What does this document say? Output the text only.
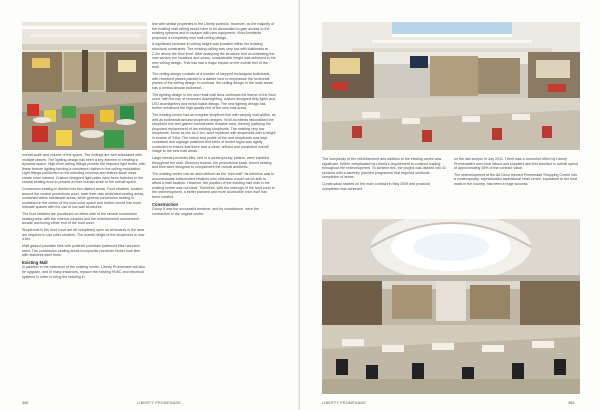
overall scale and volume of the space. The ceilings are well articulated with multiple planes. The lighting design has been a key element in creating a dynamic space. High level ceiling fittings provide the required light levels, with linear feature lighting forming a consistent rhythm to the ceiling modulation. Light fittings positioned on the standing columns and feature kiosk mezz create more interest. Custom designed light poles have been included in the central seating area to provide a more human scale to the overall space.

Concession seating is divided into two distinct areas. Food retailers, located around the central promotions court, have their own dedicated seating areas, contained within balustrade areas, while general concession seating is contained in the centre of the food court space and further zoned into more intimate spaces with the use of low wall structures.

The food retailers are positioned on either side of the central concession seating area, with the cinema complex and the entertainment amusement arcade anchoring either end of the food court.

Shopfronts in the food court are all completely open as all tenants in the area are required to use roller shutters. The overall height of the shopfronts is now 4.6m.

Matt glazed porcelain tiles with polished porcelain patterned tiles has been used. The concession seating areas incorporate porcelain timber look tiles with stainless steel trims.

Existing Mall

In addition to the extension of the existing centre, Liberty Promenade will also be upgrade, and in many instances, replace the existing HVAC and electrical systems in order to bring the building in

line with similar properties in the Liberty portfolio. However, as the majority of the existing mall ceiling would have to be dismantled to gain access to the existing systems and to replace with new equipment, Vivid Architects proposed a completely new mall ceiling design.

A significant increase in ceiling height was possible within the existing structural constraints. The existing ceiling was very low with bulkheads at 2.4m above the floor level. After analysing the structure and co-ordinating the new service run locations and zones, considerable height was achieved in the new ceiling design. This has had a major impact on the overall feel of the mall.

The ceiling design consists of a number of stepped rectangular bulkheads, with recessed planes painted in a darker tone to emphasise the horizontal planes of the ceiling design. In contrast, the ceiling design in the node areas has a central circular bulkhead.

The lighting design in the new retail mall area continues the theme of the food court, with the use of recessed downlighting, custom designed strip lights and LED downlighters and metal halide fittings. The new lighting design has further enhanced the high quality feel of the new mall areas.

The existing centre had an irregular shopfront line with varying mall widths, as well as bulkheads around shopfront designs. Vivid Architects rationalised the shopfront line and gained considerable rentable area, thereby justifying the proposed replacement of the existing shopfronts. The existing very low shopfronts, some as low as 3.2m, were replaced with shopfronts with a height in excess of 3.6m. The colour and profile of the new shopfronts was kept consistent and signage positions and sizes of tenant signs was rigidly controlled to ensure that there was a clean, refined and consistent overall image to the new mall areas.

Large format porcelain tiles, laid in a contemporary pattern, were installed throughout the mall. Directory boards, the promotional kiosk, bench seating and bins were designed to complement the overall aesthetic.

The existing centre had an area defined as the 'mini mall'; its intention was to accommodate independent retailers who otherwise would not be able to afford a mall location. However, the position of the existing mini mall in the existing centre was not ideal. Therefore, with the redesign of the food court in the redevelopment, a better planned and more accessible 'mini mall' has been created.

Construction

Group 5 was the successful tenderer, and by coincidence, were the contractors of the original centre.

368	LIBERTY PROMENADE

The complexity of the refurbishment and addition to the existing centre was significant, further complicated by Liberty's requirement to continue trading throughout the redevelopment. To achieve this, the project was divided into 41 sections with a carefully planned programme that required sectional completion of areas.

Construction started on the main contract in May 2009 and practical completion was achieved

on the last section in July 2011. There was a concerted effort by Liberty Promenade's own local labour and suppliers and this resulted in overall spend of approximately 28% of the contract value.

The redevelopment of the Art Deco themed Promenade Shopping Centre into a contemporary, sophisticated aspirational retail centre, equivalent to the best malls in the country, has been a huge success.

LIBERTY PROMENADE	369
